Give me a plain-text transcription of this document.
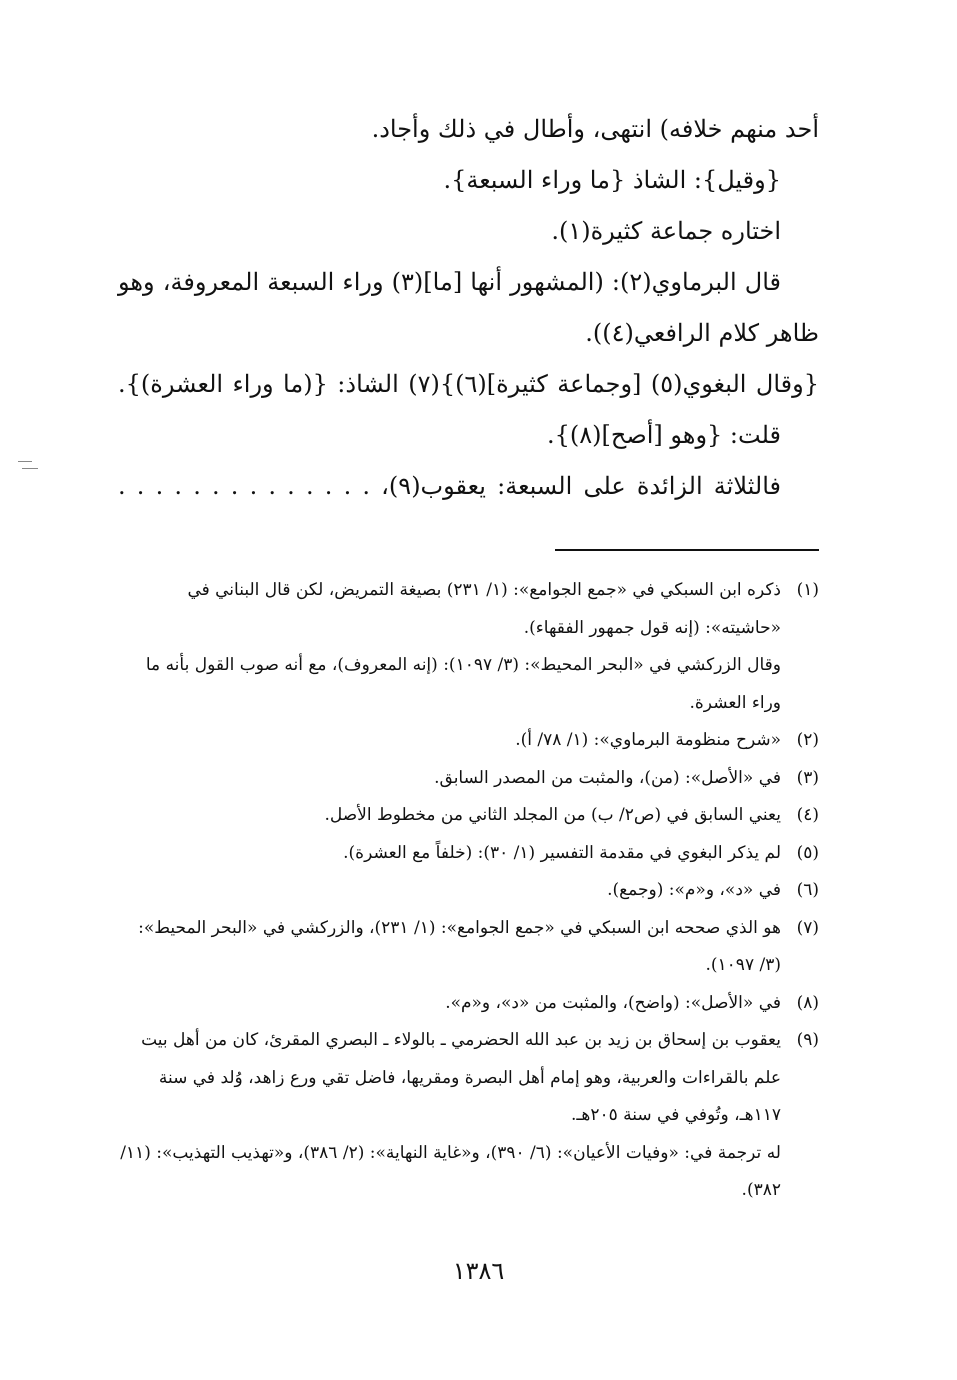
أحد منهم خلافه) انتهى، وأطال في ذلك وأجاد.
{وقيل}: الشاذ {ما وراء السبعة}.
اختاره جماعة كثيرة(١).
قال البرماوي(٢): (المشهور أنها [ما](٣) وراء السبعة المعروفة، وهو
ظاهر كلام الرافعي(٤)).
{وقال البغوي(٥) [وجماعة كثيرة](٦)}(٧) الشاذ: {(ما وراء العشرة)}.
قلت: {وهو [أصح](٨)}.
فالثلاثة الزائدة على السبعة: يعقوب(٩)، . . . . . . . . . . . . . .
(١)
ذكره ابن السبكي في «جمع الجوامع»: (١/ ٢٣١) بصيغة التمريض، لكن قال البناني في «حاشيته»: (إنه قول جمهور الفقهاء).
وقال الزركشي في «البحر المحيط»: (٣/ ١٠٩٧): (إنه المعروف)، مع أنه صوب القول بأنه ما وراء العشرة.
(٢)
«شرح منظومة البرماوي»: (١/ ٧٨/ أ).
(٣)
في «الأصل»: (من)، والمثبت من المصدر السابق.
(٤)
يعني السابق في (ص٢/ ب) من المجلد الثاني من مخطوط الأصل.
(٥)
لم يذكر البغوي في مقدمة التفسير (١/ ٣٠): (خلفاً مع العشرة).
(٦)
في «د»، و«م»: (وجمع).
(٧)
هو الذي صححه ابن السبكي في «جمع الجوامع»: (١/ ٢٣١)، والزركشي في «البحر المحيط»: (٣/ ١٠٩٧).
(٨)
في «الأصل»: (واضح)، والمثبت من «د»، و«م».
(٩)
يعقوب بن إسحاق بن زيد بن عبد الله الحضرمي ـ بالولاء ـ البصري المقرئ، كان من أهل بيت علم بالقراءات والعربية، وهو إمام أهل البصرة ومقريها، فاضل تقي ورع زاهد، وُلد في سنة ١١٧هـ، وتُوفي في سنة ٢٠٥هـ.
له ترجمة في: «وفيات الأعيان»: (٦/ ٣٩٠)، و«غاية النهاية»: (٢/ ٣٨٦)، و«تهذيب التهذيب»: (١١/ ٣٨٢).
١٣٨٦
